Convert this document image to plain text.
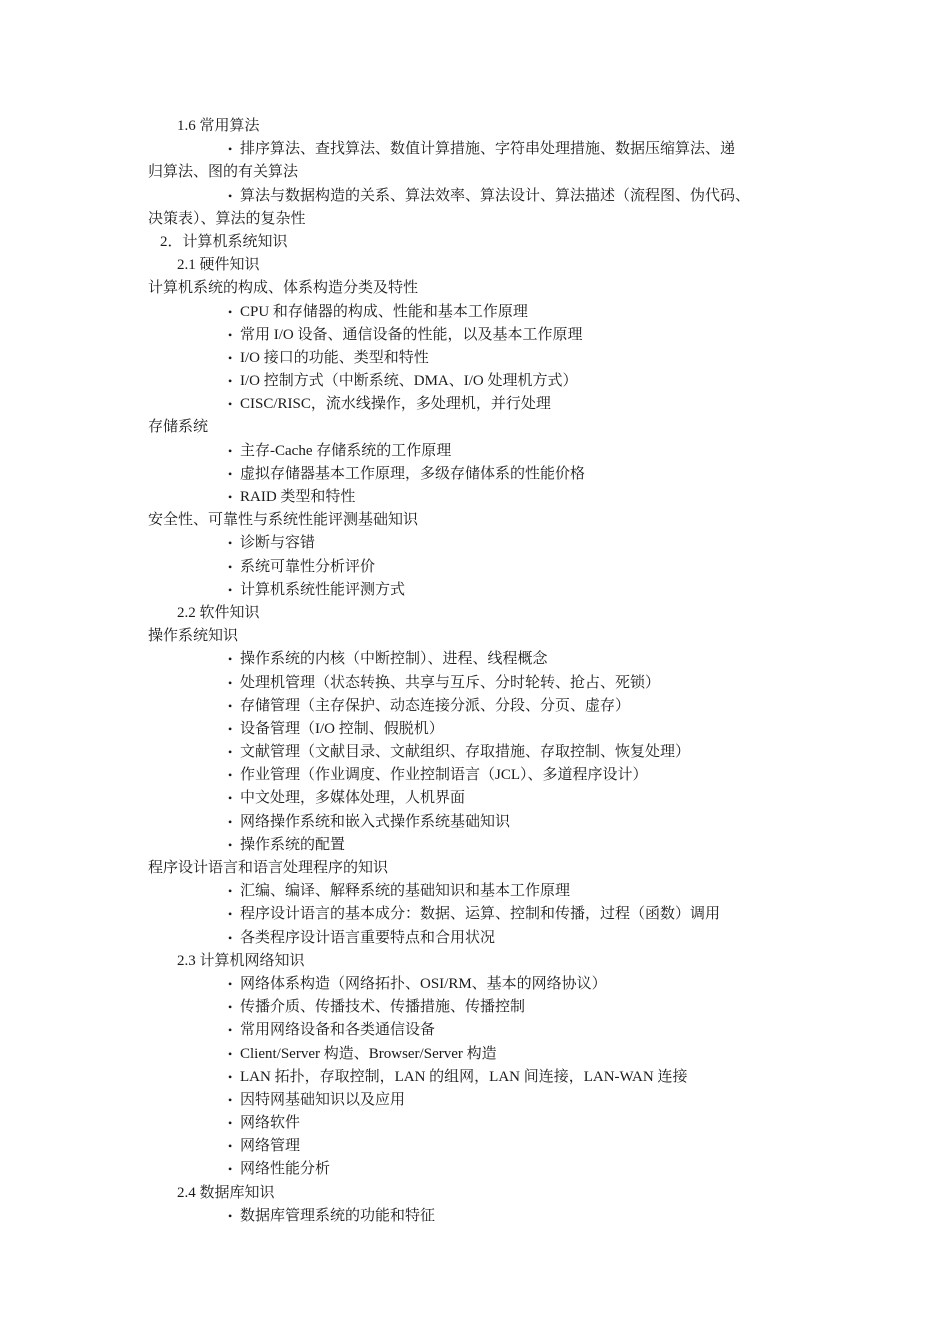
1.6 常用算法
• 排序算法、查找算法、数值计算措施、字符串处理措施、数据压缩算法、递
归算法、图的有关算法
• 算法与数据构造的关系、算法效率、算法设计、算法描述（流程图、伪代码、
决策表）、算法的复杂性
2．计算机系统知识
2.1 硬件知识
计算机系统的构成、体系构造分类及特性
• CPU 和存储器的构成、性能和基本工作原理
• 常用 I/O 设备、通信设备的性能，以及基本工作原理
• I/O 接口的功能、类型和特性
• I/O 控制方式（中断系统、DMA、I/O 处理机方式）
• CISC/RISC，流水线操作，多处理机，并行处理
存储系统
• 主存-Cache 存储系统的工作原理
• 虚拟存储器基本工作原理，多级存储体系的性能价格
• RAID 类型和特性
安全性、可靠性与系统性能评测基础知识
• 诊断与容错
• 系统可靠性分析评价
• 计算机系统性能评测方式
2.2 软件知识
操作系统知识
• 操作系统的内核（中断控制）、进程、线程概念
• 处理机管理（状态转换、共享与互斥、分时轮转、抢占、死锁）
• 存储管理（主存保护、动态连接分派、分段、分页、虚存）
• 设备管理（I/O 控制、假脱机）
• 文献管理（文献目录、文献组织、存取措施、存取控制、恢复处理）
• 作业管理（作业调度、作业控制语言（JCL）、多道程序设计）
• 中文处理，多媒体处理，人机界面
• 网络操作系统和嵌入式操作系统基础知识
• 操作系统的配置
程序设计语言和语言处理程序的知识
• 汇编、编译、解释系统的基础知识和基本工作原理
• 程序设计语言的基本成分：数据、运算、控制和传播，过程（函数）调用
• 各类程序设计语言重要特点和合用状况
2.3 计算机网络知识
• 网络体系构造（网络拓扑、OSI/RM、基本的网络协议）
• 传播介质、传播技术、传播措施、传播控制
• 常用网络设备和各类通信设备
• Client/Server 构造、Browser/Server 构造
• LAN 拓扑，存取控制，LAN 的组网，LAN 间连接，LAN-WAN 连接
• 因特网基础知识以及应用
• 网络软件
• 网络管理
• 网络性能分析
2.4 数据库知识
• 数据库管理系统的功能和特征
